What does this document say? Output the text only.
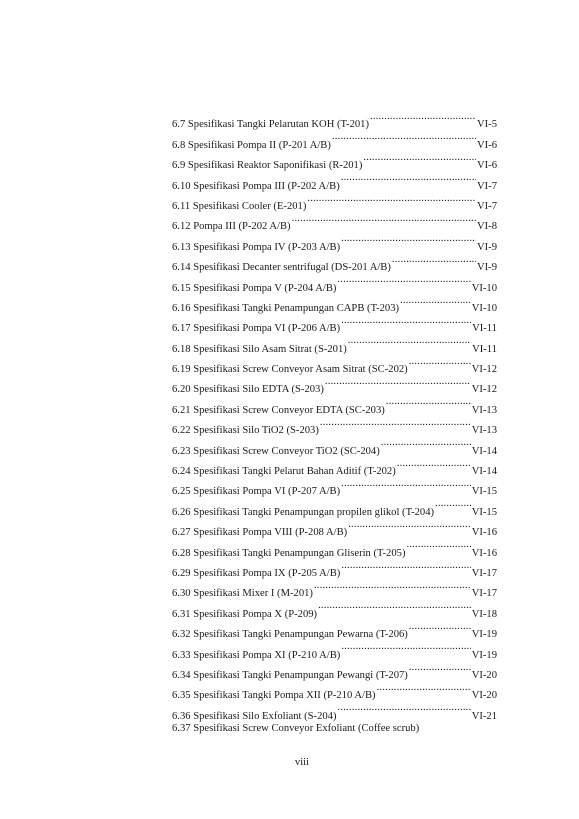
6.7 Spesifikasi Tangki Pelarutan KOH (T-201) .....	VI-5
6.8 Spesifikasi Pompa II (P-201 A/B) .....	VI-6
6.9 Spesifikasi Reaktor Saponifikasi (R-201) .....	VI-6
6.10 Spesifikasi Pompa III (P-202 A/B) .....	VI-7
6.11 Spesifikasi Cooler (E-201) .....	VI-7
6.12 Pompa III (P-202 A/B) .....	VI-8
6.13 Spesifikasi Pompa IV (P-203 A/B) .....	VI-9
6.14 Spesifikasi Decanter sentrifugal (DS-201 A/B) .....	VI-9
6.15 Spesifikasi Pompa V (P-204 A/B) .....	VI-10
6.16 Spesifikasi Tangki Penampungan CAPB (T-203) .....	VI-10
6.17 Spesifikasi Pompa VI (P-206 A/B) .....	VI-11
6.18 Spesifikasi Silo Asam Sitrat (S-201) .....	VI-11
6.19 Spesifikasi Screw Conveyor Asam Sitrat (SC-202) .....	VI-12
6.20 Spesifikasi Silo EDTA (S-203) .....	VI-12
6.21 Spesifikasi Screw Conveyor EDTA (SC-203) .....	VI-13
6.22 Spesifikasi Silo TiO2 (S-203) .....	VI-13
6.23 Spesifikasi Screw Conveyor TiO2 (SC-204) .....	VI-14
6.24 Spesifikasi Tangki Pelarut Bahan Aditif (T-202) .....	VI-14
6.25 Spesifikasi Pompa VI (P-207 A/B) .....	VI-15
6.26 Spesifikasi Tangki Penampungan propilen glikol (T-204) .....	VI-15
6.27 Spesifikasi Pompa VIII (P-208 A/B) .....	VI-16
6.28 Spesifikasi Tangki Penampungan Gliserin (T-205) .....	VI-16
6.29 Spesifikasi Pompa IX (P-205 A/B) .....	VI-17
6.30 Spesifikasi Mixer I (M-201) .....	VI-17
6.31 Spesifikasi Pompa X (P-209) .....	VI-18
6.32 Spesifikasi Tangki Penampungan Pewarna (T-206) .....	VI-19
6.33 Spesifikasi Pompa XI (P-210 A/B) .....	VI-19
6.34 Spesifikasi Tangki Penampungan Pewangi (T-207) .....	VI-20
6.35 Spesifikasi Tangki Pompa XII (P-210 A/B) .....	VI-20
6.36 Spesifikasi Silo Exfoliant (S-204) .....	VI-21
6.37 Spesifikasi Screw Conveyor Exfoliant (Coffee scrub)
viii
